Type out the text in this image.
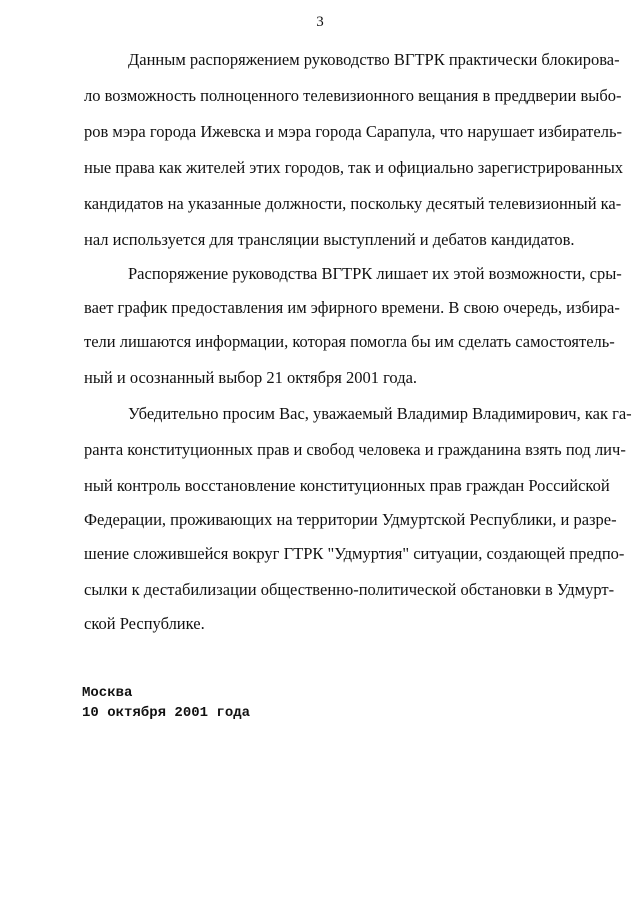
3
Данным распоряжением руководство ВГТРК практически блокирова-
ло возможность полноценного телевизионного вещания в преддверии выбо-
ров мэра города Ижевска и мэра города Сарапула, что нарушает избиратель-
ные права как жителей этих городов, так и официально зарегистрированных
кандидатов на указанные должности, поскольку десятый телевизионный ка-
нал используется для трансляции выступлений и дебатов кандидатов.
Распоряжение руководства ВГТРК лишает их этой возможности, сры-
вает график предоставления им эфирного времени. В свою очередь, избира-
тели лишаются информации, которая помогла бы им сделать самостоятель-
ный и осознанный выбор 21 октября 2001 года.
Убедительно просим Вас, уважаемый Владимир Владимирович, как га-
ранта конституционных прав и свобод человека и гражданина взять под лич-
ный контроль восстановление конституционных прав граждан Российской
Федерации, проживающих на территории Удмуртской Республики, и разре-
шение сложившейся вокруг ГТРК "Удмуртия" ситуации, создающей предпо-
сылки к дестабилизации общественно-политической обстановки в Удмурт-
ской Республике.
Москва
10 октября 2001 года
